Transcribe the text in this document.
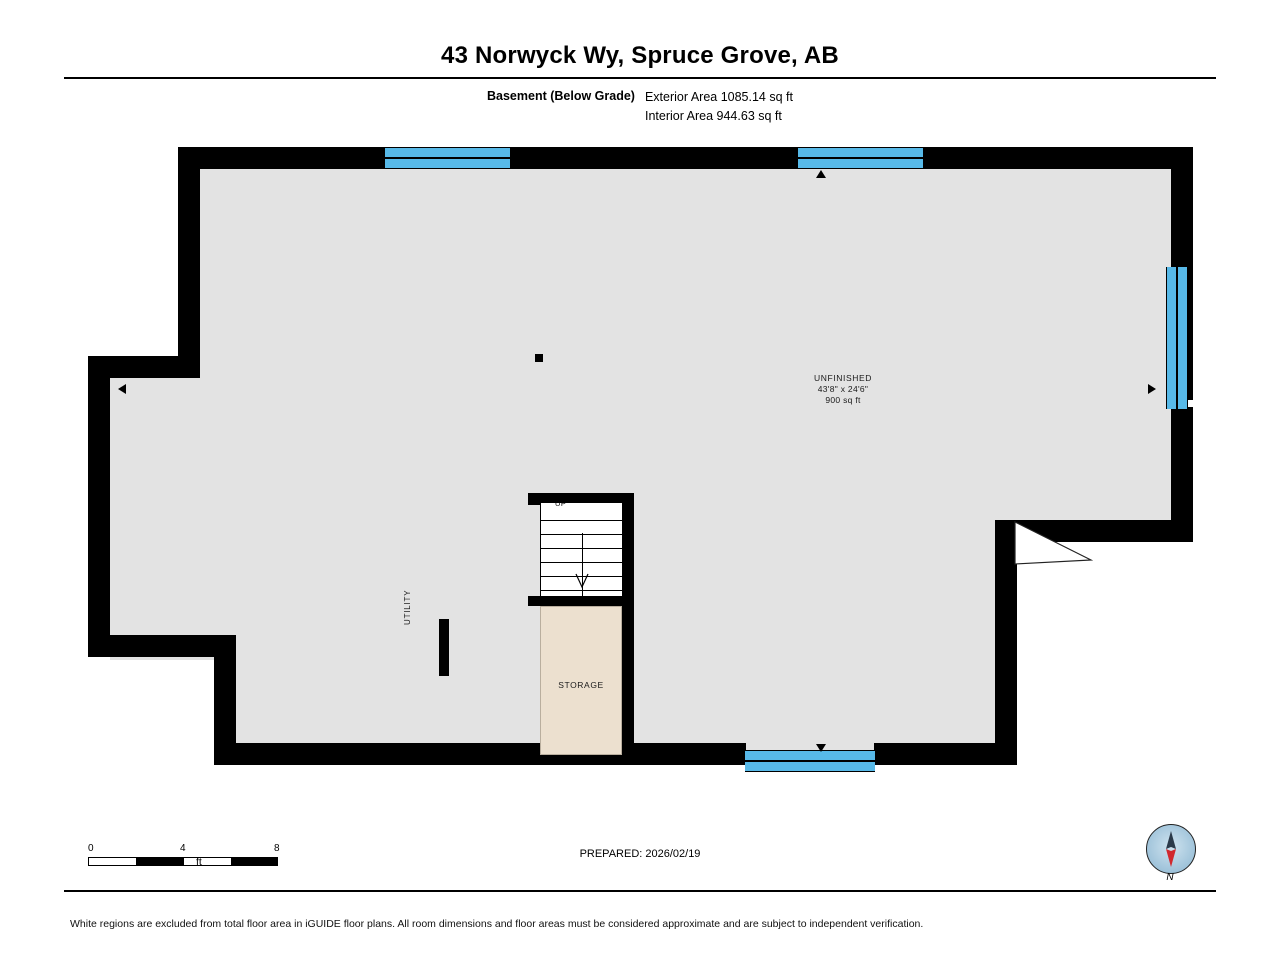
43 Norwyck Wy, Spruce Grove, AB
Basement (Below Grade) Exterior Area 1085.14 sq ft
Interior Area 944.63 sq ft
UP
STORAGE
UTILITY
UNFINISHED
43'8" x 24'6"
900 sq ft
0	4	8
ft
PREPARED: 2026/02/19
N
White regions are excluded from total floor area in iGUIDE floor plans. All room dimensions and floor areas must be considered approximate and are subject to independent verification.
